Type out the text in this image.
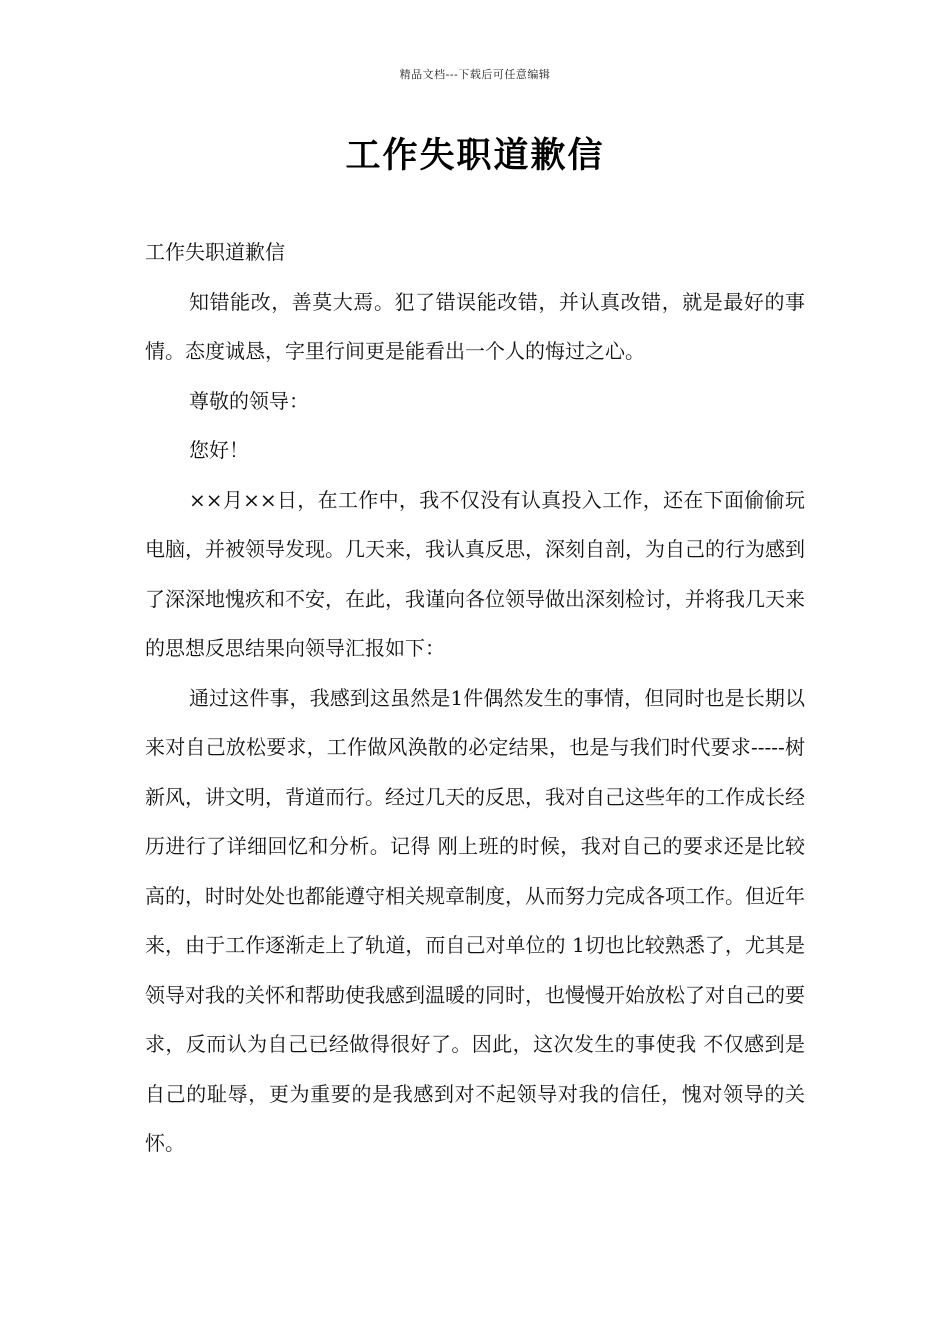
精品文档---下载后可任意编辑
工作失职道歉信

工作失职道歉信

知错能改，善莫大焉。犯了错误能改错，并认真改错，就是最好的事情。态度诚恳，字里行间更是能看出一个人的悔过之心。

尊敬的领导：

您好！

××月××日，在工作中，我不仅没有认真投入工作，还在下面偷偷玩电脑，并被领导发现。几天来，我认真反思，深刻自剖，为自己的行为感到了深深地愧疚和不安，在此，我谨向各位领导做出深刻检讨，并将我几天来的思想反思结果向领导汇报如下：

通过这件事，我感到这虽然是1件偶然发生的事情，但同时也是长期以来对自己放松要求，工作做风涣散的必定结果，也是与我们时代要求-----树新风，讲文明，背道而行。经过几天的反思，我对自己这些年的工作成长经历进行了详细回忆和分析。记得 刚上班的时候，我对自己的要求还是比较高的，时时处处也都能遵守相关规章制度，从而努力完成各项工作。但近年来，由于工作逐渐走上了轨道，而自己对单位的 1切也比较熟悉了，尤其是领导对我的关怀和帮助使我感到温暖的同时，也慢慢开始放松了对自己的要求，反而认为自己已经做得很好了。因此，这次发生的事使我 不仅感到是自己的耻辱，更为重要的是我感到对不起领导对我的信任，愧对领导的关怀。
